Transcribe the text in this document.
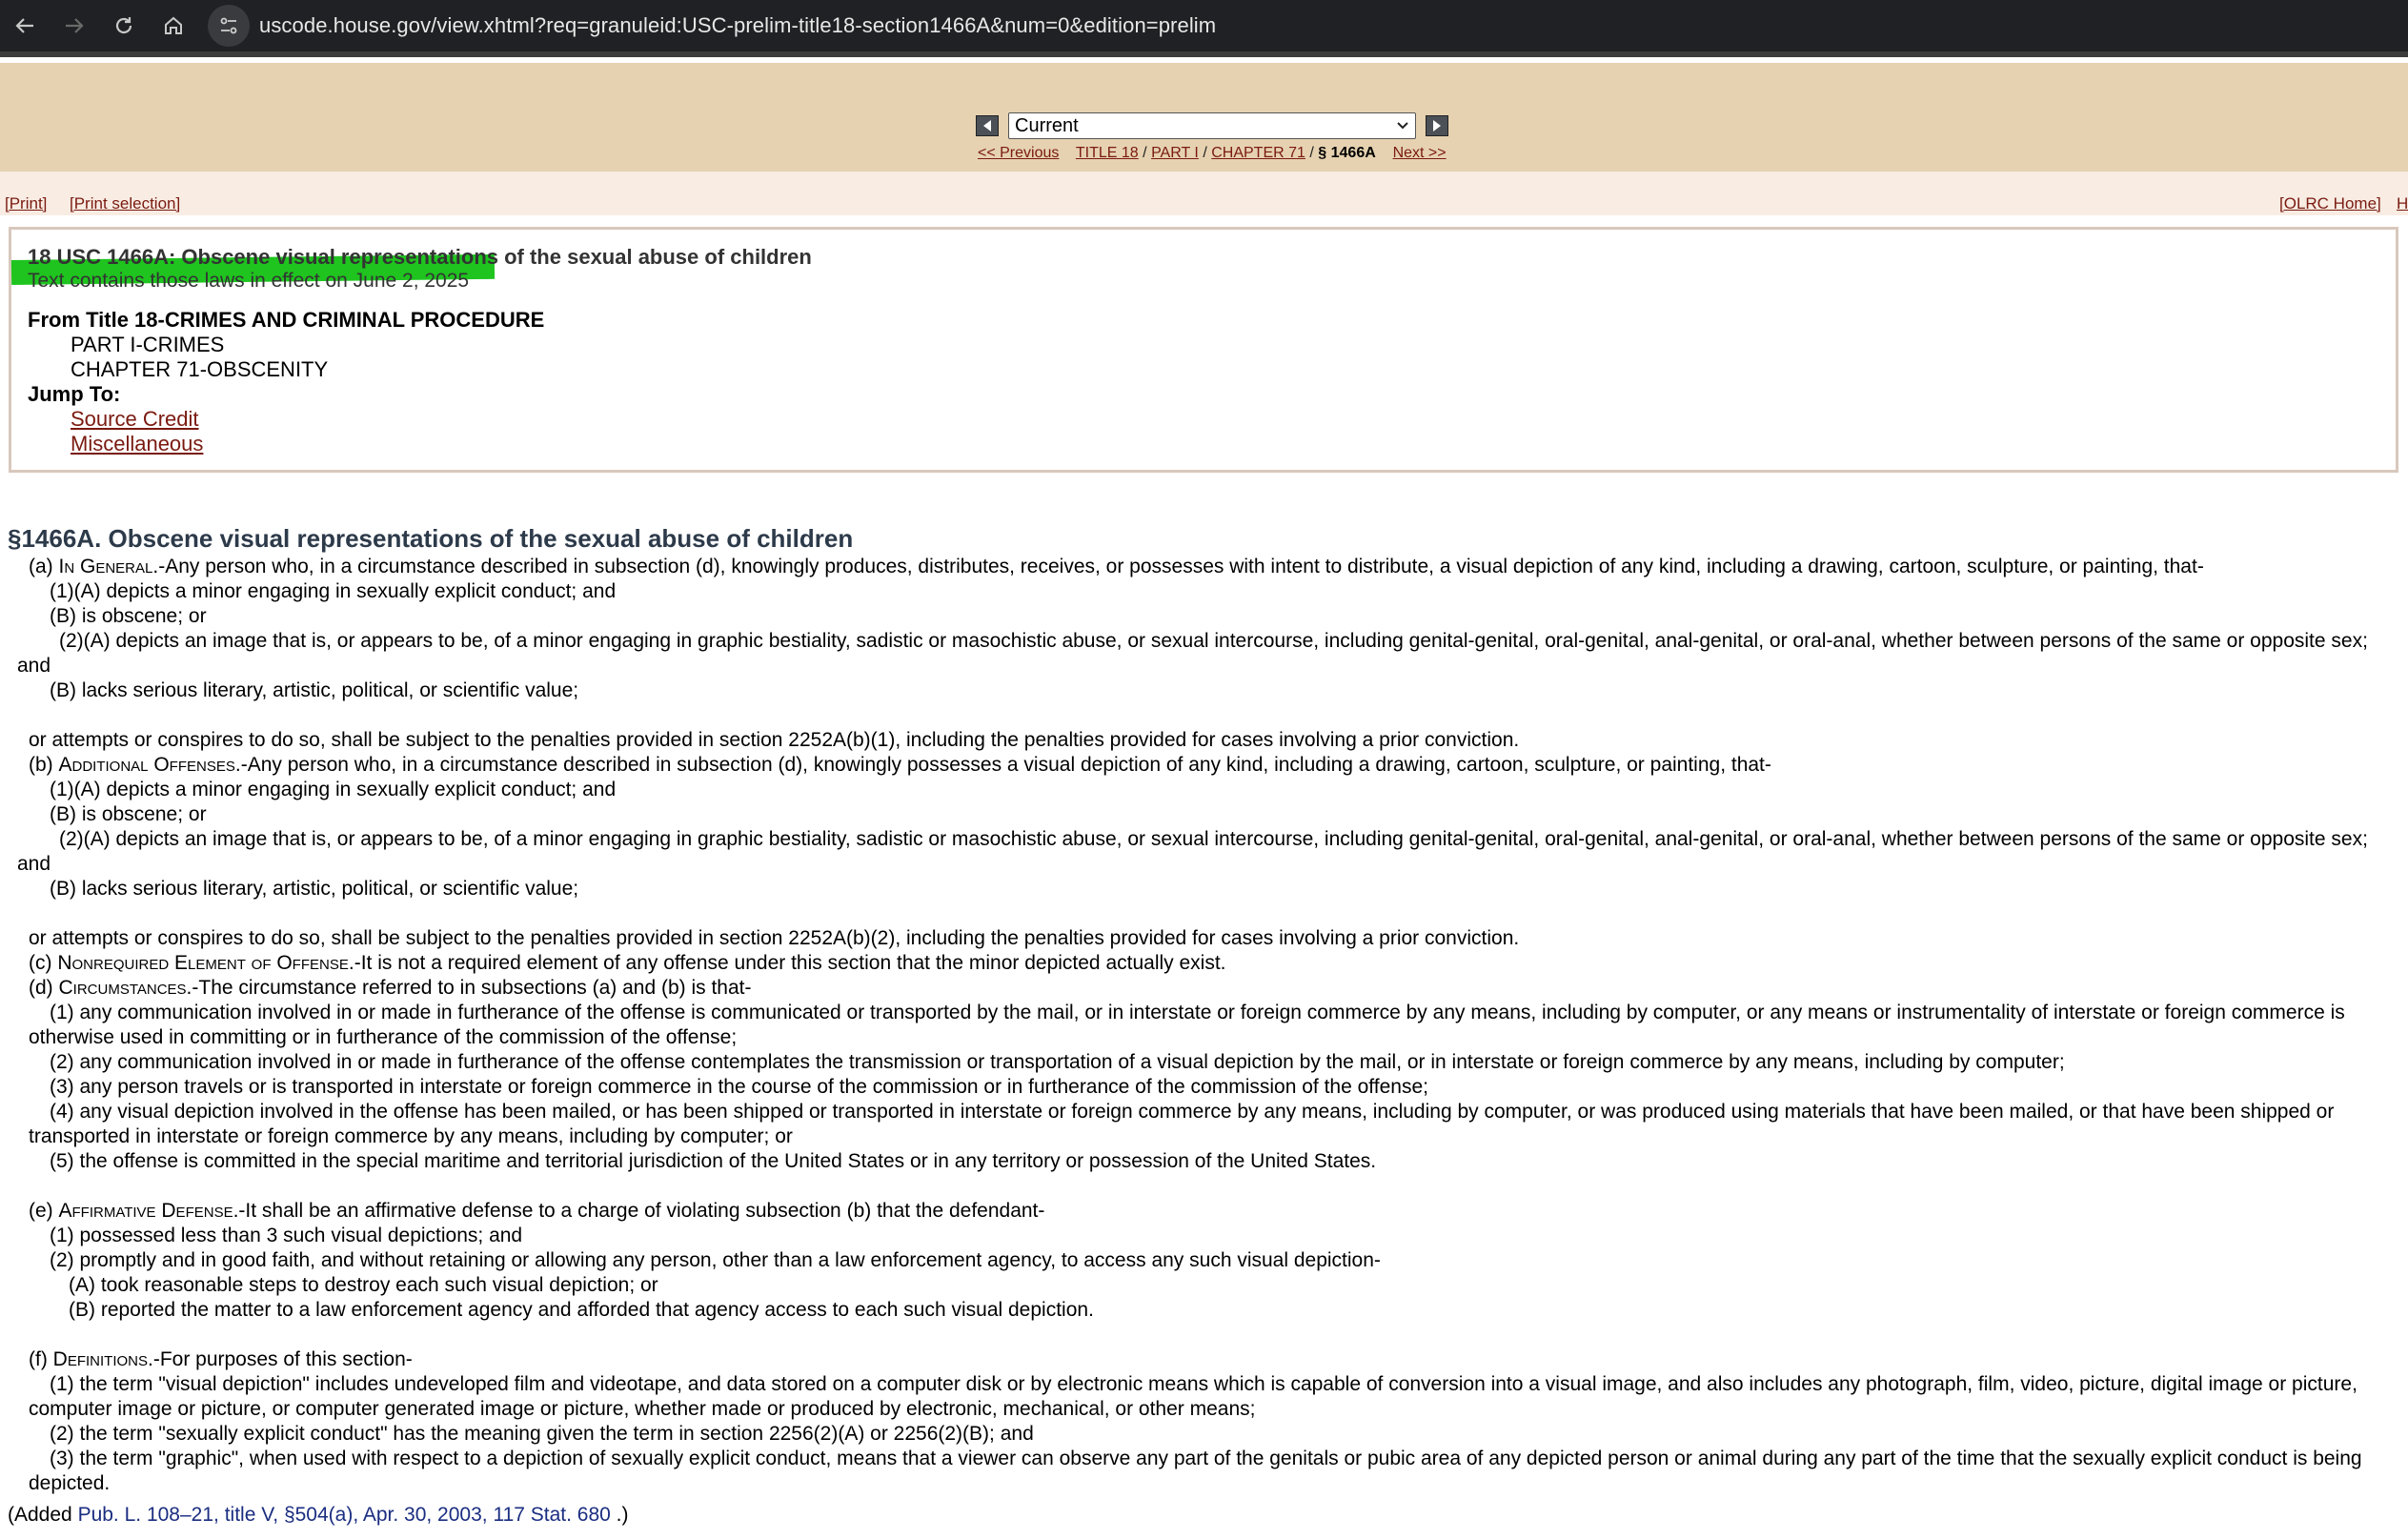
uscode.house.gov/view.xhtml?req=granuleid:USC-prelim-title18-section1466A&num=0&edition=prelim
Current
<< Previous TITLE 18 / PART I / CHAPTER 71 / § 1466A Next >>
[Print] [Print selection]	[OLRC Home] H
18 USC 1466A: Obscene visual representations of the sexual abuse of children
Text contains those laws in effect on June 2, 2025
From Title 18-CRIMES AND CRIMINAL PROCEDURE
PART I-CRIMES
CHAPTER 71-OBSCENITY
Jump To:
Source Credit
Miscellaneous
§1466A. Obscene visual representations of the sexual abuse of children

(a) In General.-Any person who, in a circumstance described in subsection (d), knowingly produces, distributes, receives, or possesses with intent to distribute, a visual depiction of any kind, including a drawing, cartoon, sculpture, or painting, that-

(1)(A) depicts a minor engaging in sexually explicit conduct; and

(B) is obscene; or

(2)(A) depicts an image that is, or appears to be, of a minor engaging in graphic bestiality, sadistic or masochistic abuse, or sexual intercourse, including genital-genital, oral-genital, anal-genital, or oral-anal, whether between persons of the same or opposite sex; and

(B) lacks serious literary, artistic, political, or scientific value;

or attempts or conspires to do so, shall be subject to the penalties provided in section 2252A(b)(1), including the penalties provided for cases involving a prior conviction.

(b) Additional Offenses.-Any person who, in a circumstance described in subsection (d), knowingly possesses a visual depiction of any kind, including a drawing, cartoon, sculpture, or painting, that-

(1)(A) depicts a minor engaging in sexually explicit conduct; and

(B) is obscene; or

(2)(A) depicts an image that is, or appears to be, of a minor engaging in graphic bestiality, sadistic or masochistic abuse, or sexual intercourse, including genital-genital, oral-genital, anal-genital, or oral-anal, whether between persons of the same or opposite sex; and

(B) lacks serious literary, artistic, political, or scientific value;

or attempts or conspires to do so, shall be subject to the penalties provided in section 2252A(b)(2), including the penalties provided for cases involving a prior conviction.

(c) Nonrequired Element of Offense.-It is not a required element of any offense under this section that the minor depicted actually exist.

(d) Circumstances.-The circumstance referred to in subsections (a) and (b) is that-

(1) any communication involved in or made in furtherance of the offense is communicated or transported by the mail, or in interstate or foreign commerce by any means, including by computer, or any means or instrumentality of interstate or foreign commerce is otherwise used in committing or in furtherance of the commission of the offense;

(2) any communication involved in or made in furtherance of the offense contemplates the transmission or transportation of a visual depiction by the mail, or in interstate or foreign commerce by any means, including by computer;

(3) any person travels or is transported in interstate or foreign commerce in the course of the commission or in furtherance of the commission of the offense;

(4) any visual depiction involved in the offense has been mailed, or has been shipped or transported in interstate or foreign commerce by any means, including by computer, or was produced using materials that have been mailed, or that have been shipped or transported in interstate or foreign commerce by any means, including by computer; or

(5) the offense is committed in the special maritime and territorial jurisdiction of the United States or in any territory or possession of the United States.

(e) Affirmative Defense.-It shall be an affirmative defense to a charge of violating subsection (b) that the defendant-

(1) possessed less than 3 such visual depictions; and

(2) promptly and in good faith, and without retaining or allowing any person, other than a law enforcement agency, to access any such visual depiction-

(A) took reasonable steps to destroy each such visual depiction; or

(B) reported the matter to a law enforcement agency and afforded that agency access to each such visual depiction.

(f) Definitions.-For purposes of this section-

(1) the term "visual depiction" includes undeveloped film and videotape, and data stored on a computer disk or by electronic means which is capable of conversion into a visual image, and also includes any photograph, film, video, picture, digital image or picture, computer image or picture, or computer generated image or picture, whether made or produced by electronic, mechanical, or other means;

(2) the term "sexually explicit conduct" has the meaning given the term in section 2256(2)(A) or 2256(2)(B); and

(3) the term "graphic", when used with respect to a depiction of sexually explicit conduct, means that a viewer can observe any part of the genitals or pubic area of any depicted person or animal during any part of the time that the sexually explicit conduct is being depicted.

(Added Pub. L. 108–21, title V, §504(a), Apr. 30, 2003, 117 Stat. 680 .)
